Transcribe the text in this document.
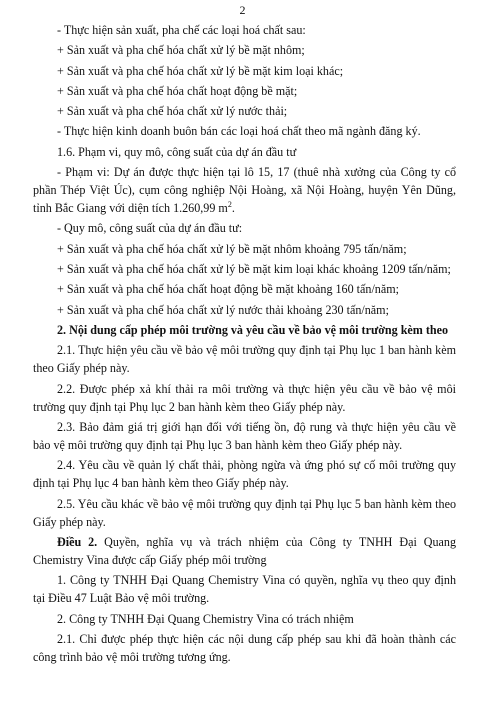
2

- Thực hiện sản xuất, pha chế các loại hoá chất sau:

+ Sản xuất và pha chế hóa chất xử lý bề mặt nhôm;

+ Sản xuất và pha chế hóa chất xử lý bề mặt kim loại khác;

+ Sản xuất và pha chế hóa chất hoạt động bề mặt;

+ Sản xuất và pha chế hóa chất xử lý nước thải;

- Thực hiện kinh doanh buôn bán các loại hoá chất theo mã ngành đăng ký.

1.6. Phạm vi, quy mô, công suất của dự án đầu tư

- Phạm vi: Dự án được thực hiện tại lô 15, 17 (thuê nhà xưởng của Công ty cổ phần Thép Việt Úc), cụm công nghiệp Nội Hoàng, xã Nội Hoàng, huyện Yên Dũng, tỉnh Bắc Giang với diện tích 1.260,99 $m^2$.

- Quy mô, công suất của dự án đầu tư:

+ Sản xuất và pha chế hóa chất xử lý bề mặt nhôm khoảng 795 tấn/năm;

+ Sản xuất và pha chế hóa chất xử lý bề mặt kim loại khác khoảng 1209 tấn/năm;

+ Sản xuất và pha chế hóa chất hoạt động bề mặt khoảng 160 tấn/năm;

+ Sản xuất và pha chế hóa chất xử lý nước thải khoảng 230 tấn/năm;

2. Nội dung cấp phép môi trường và yêu cầu về bảo vệ môi trường kèm theo

2.1. Thực hiện yêu cầu về bảo vệ môi trường quy định tại Phụ lục 1 ban hành kèm theo Giấy phép này.

2.2. Được phép xả khí thải ra môi trường và thực hiện yêu cầu về bảo vệ môi trường quy định tại Phụ lục 2 ban hành kèm theo Giấy phép này.

2.3. Bảo đảm giá trị giới hạn đối với tiếng ồn, độ rung và thực hiện yêu cầu về bảo vệ môi trường quy định tại Phụ lục 3 ban hành kèm theo Giấy phép này.

2.4. Yêu cầu về quản lý chất thải, phòng ngừa và ứng phó sự cố môi trường quy định tại Phụ lục 4 ban hành kèm theo Giấy phép này.

2.5. Yêu cầu khác về bảo vệ môi trường quy định tại Phụ lục 5 ban hành kèm theo Giấy phép này.

Điều 2. Quyền, nghĩa vụ và trách nhiệm của Công ty TNHH Đại Quang Chemistry Vina được cấp Giấy phép môi trường

1. Công ty TNHH Đại Quang Chemistry Vina có quyền, nghĩa vụ theo quy định tại Điều 47 Luật Bảo vệ môi trường.

2. Công ty TNHH Đại Quang Chemistry Vina có trách nhiệm

2.1. Chỉ được phép thực hiện các nội dung cấp phép sau khi đã hoàn thành các công trình bảo vệ môi trường tương ứng.
